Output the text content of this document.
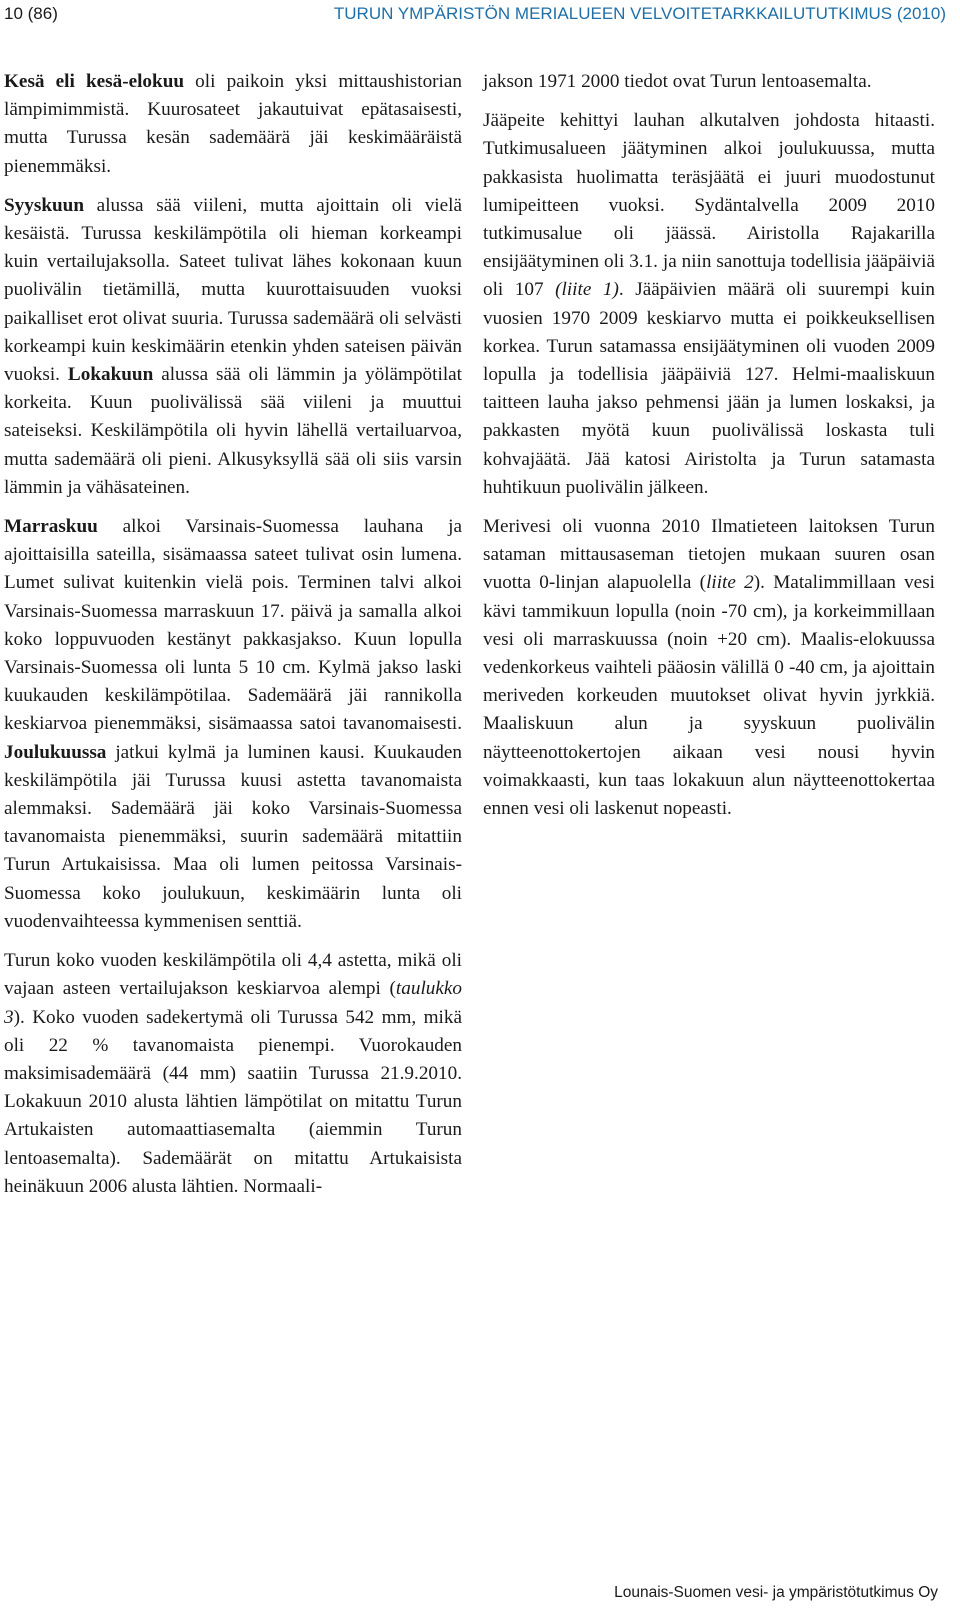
10 (86)	TURUN YMPÄRISTÖN MERIALUEEN VELVOITETARKKAILUTUTKIMUS (2010)

Kesä eli kesä-elokuu oli paikoin yksi mittaushistorian lämpimimmistä. Kuurosateet jakautuivat epätasaisesti, mutta Turussa kesän sademäärä jäi keskimääräistä pienemmäksi.

Syyskuun alussa sää viileni, mutta ajoittain oli vielä kesäistä. Turussa keskilämpötila oli hieman korkeampi kuin vertailujaksolla. Sateet tulivat lähes kokonaan kuun puolivälin tietämillä, mutta kuurottaisuuden vuoksi paikalliset erot olivat suuria. Turussa sademäärä oli selvästi korkeampi kuin keskimäärin etenkin yhden sateisen päivän vuoksi. Lokakuun alussa sää oli lämmin ja yölämpötilat korkeita. Kuun puolivälissä sää viileni ja muuttui sateiseksi. Keskilämpötila oli hyvin lähellä vertailuarvoa, mutta sademäärä oli pieni. Alkusyksyllä sää oli siis varsin lämmin ja vähäsateinen.

Marraskuu alkoi Varsinais-Suomessa lauhana ja ajoittaisilla sateilla, sisämaassa sateet tulivat osin lumena. Lumet sulivat kuitenkin vielä pois. Terminen talvi alkoi Varsinais-Suomessa marraskuun 17. päivä ja samalla alkoi koko loppuvuoden kestänyt pakkasjakso. Kuun lopulla Varsinais-Suomessa oli lunta 5 10 cm. Kylmä jakso laski kuukauden keskilämpötilaa. Sademäärä jäi rannikolla keskiarvoa pienemmäksi, sisämaassa satoi tavanomaisesti. Joulukuussa jatkui kylmä ja luminen kausi. Kuukauden keskilämpötila jäi Turussa kuusi astetta tavanomaista alemmaksi. Sademäärä jäi koko Varsinais-Suomessa tavanomaista pienemmäksi, suurin sademäärä mitattiin Turun Artukaisissa. Maa oli lumen peitossa Varsinais-Suomessa koko joulukuun, keskimäärin lunta oli vuodenvaihteessa kymmenisen senttiä.

Turun koko vuoden keskilämpötila oli 4,4 astetta, mikä oli vajaan asteen vertailujakson keskiarvoa alempi (taulukko 3). Koko vuoden sadekertymä oli Turussa 542 mm, mikä oli 22 % tavanomaista pienempi. Vuorokauden maksimisademäärä (44 mm) saatiin Turussa 21.9.2010. Lokakuun 2010 alusta lähtien lämpötilat on mitattu Turun Artukaisten automaattiasemalta (aiemmin Turun lentoasemalta). Sademäärät on mitattu Artukaisista heinäkuun 2006 alusta lähtien. Normaali-

jakson 1971 2000 tiedot ovat Turun lentoasemalta.

Jääpeite kehittyi lauhan alkutalven johdosta hitaasti. Tutkimusalueen jäätyminen alkoi joulukuussa, mutta pakkasista huolimatta teräsjäätä ei juuri muodostunut lumipeitteen vuoksi. Sydäntalvella 2009 2010 tutkimusalue oli jäässä. Airistolla Rajakarilla ensijäätyminen oli 3.1. ja niin sanottuja todellisia jääpäiviä oli 107 (liite 1). Jääpäivien määrä oli suurempi kuin vuosien 1970 2009 keskiarvo mutta ei poikkeuksellisen korkea. Turun satamassa ensijäätyminen oli vuoden 2009 lopulla ja todellisia jääpäiviä 127. Helmi-maaliskuun taitteen lauha jakso pehmensi jään ja lumen loskaksi, ja pakkasten myötä kuun puolivälissä loskasta tuli kohvajäätä. Jää katosi Airistolta ja Turun satamasta huhtikuun puolivälin jälkeen.

Merivesi oli vuonna 2010 Ilmatieteen laitoksen Turun sataman mittausaseman tietojen mukaan suuren osan vuotta 0-linjan alapuolella (liite 2). Matalimmillaan vesi kävi tammikuun lopulla (noin -70 cm), ja korkeimmillaan vesi oli marraskuussa (noin +20 cm). Maalis-elokuussa vedenkorkeus vaihteli pääosin välillä 0 -40 cm, ja ajoittain meriveden korkeuden muutokset olivat hyvin jyrkkiä. Maaliskuun alun ja syyskuun puolivälin näytteenottokertojen aikaan vesi nousi hyvin voimakkaasti, kun taas lokakuun alun näytteenottokertaa ennen vesi oli laskenut nopeasti.

Lounais-Suomen vesi- ja ympäristötutkimus Oy
